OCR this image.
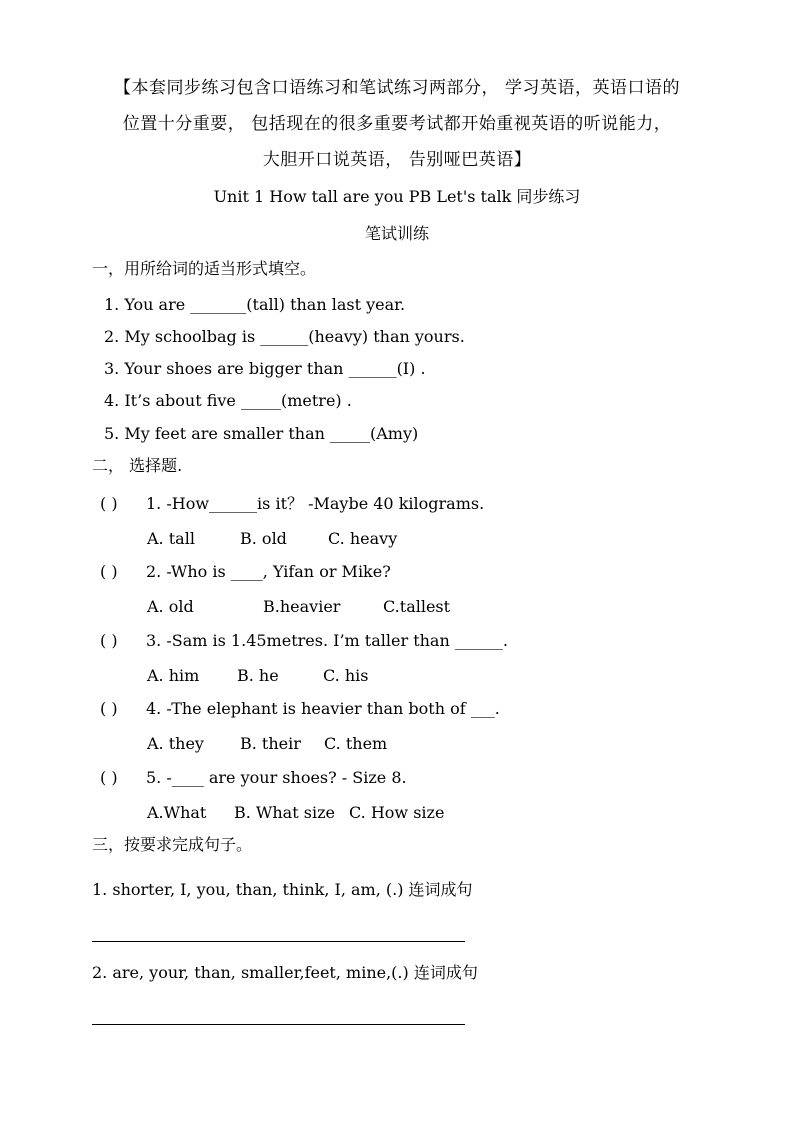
【本套同步练习包含口语练习和笔试练习两部分， 学习英语，英语口语的
位置十分重要， 包括现在的很多重要考试都开始重视英语的听说能力，
大胆开口说英语， 告别哑巴英语】
Unit 1 How tall are you PB Let's talk 同步练习
笔试训练
一，用所给词的适当形式填空。
1. You are _______(tall) than last year.
2. My schoolbag is ______(heavy) than yours.
3. Your shoes are bigger than ______(I) .
4. It’s about five _____(metre) .
5. My feet are smaller than _____(Amy)
二， 选择题.
( ) 1. -How______is it？ -Maybe 40 kilograms.
A. tall	B. old	C. heavy
( ) 2. -Who is ____, Yifan or Mike?
A. old	B.heavier	C.tallest
( ) 3. -Sam is 1.45metres. I’m taller than ______.
A. him B. he	C. his
( ) 4. -The elephant is heavier than both of ___.
A. they B. their C. them
( ) 5. -____ are your shoes? - Size 8.
A.What B. What size C. How size
三，按要求完成句子。
1. shorter, I, you, than, think, I, am, (.) 连词成句
2. are, your, than, smaller,feet, mine,(.) 连词成句
